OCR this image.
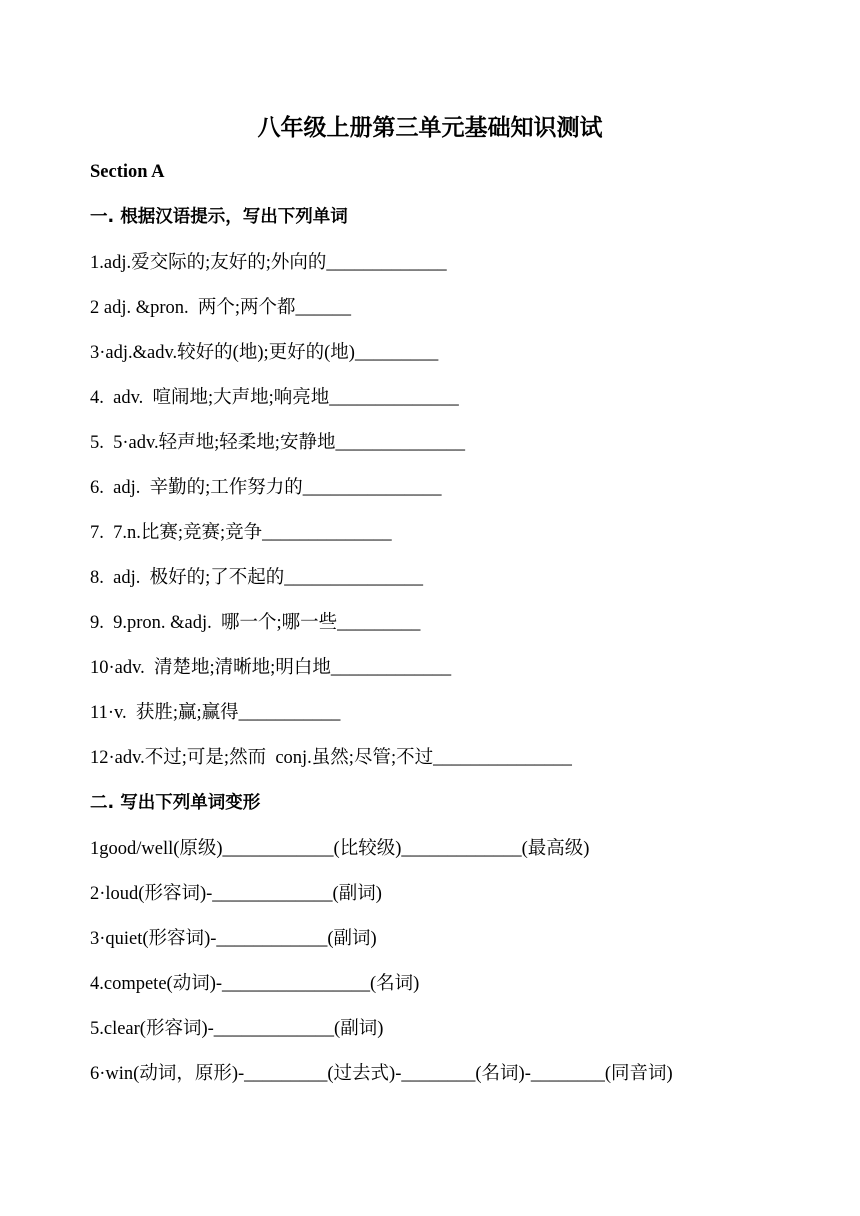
八年级上册第三单元基础知识测试
Section A
一. 根据汉语提示，写出下列单词
1.adj.爱交际的;友好的;外向的_____________
2 adj. &pron.  两个;两个都______
3·adj.&adv.较好的(地);更好的(地)_________
4.  adv.  喧闹地;大声地;响亮地______________
5.  5·adv.轻声地;轻柔地;安静地______________
6.  adj.  辛勤的;工作努力的_______________
7.  7.n.比赛;竞赛;竞争______________
8.  adj.  极好的;了不起的_______________
9.  9.pron. &adj.  哪一个;哪一些_________
10·adv.  清楚地;清晰地;明白地_____________
11·v.  获胜;赢;赢得___________
12·adv.不过;可是;然而  conj.虽然;尽管;不过_______________
二. 写出下列单词变形
1good/well(原级)____________(比较级)_____________(最高级)
2·loud(形容词)-_____________(副词)
3·quiet(形容词)-____________(副词)
4.compete(动词)-________________(名词)
5.clear(形容词)-_____________(副词)
6·win(动词，原形)-_________(过去式)-________(名词)-________(同音词)
